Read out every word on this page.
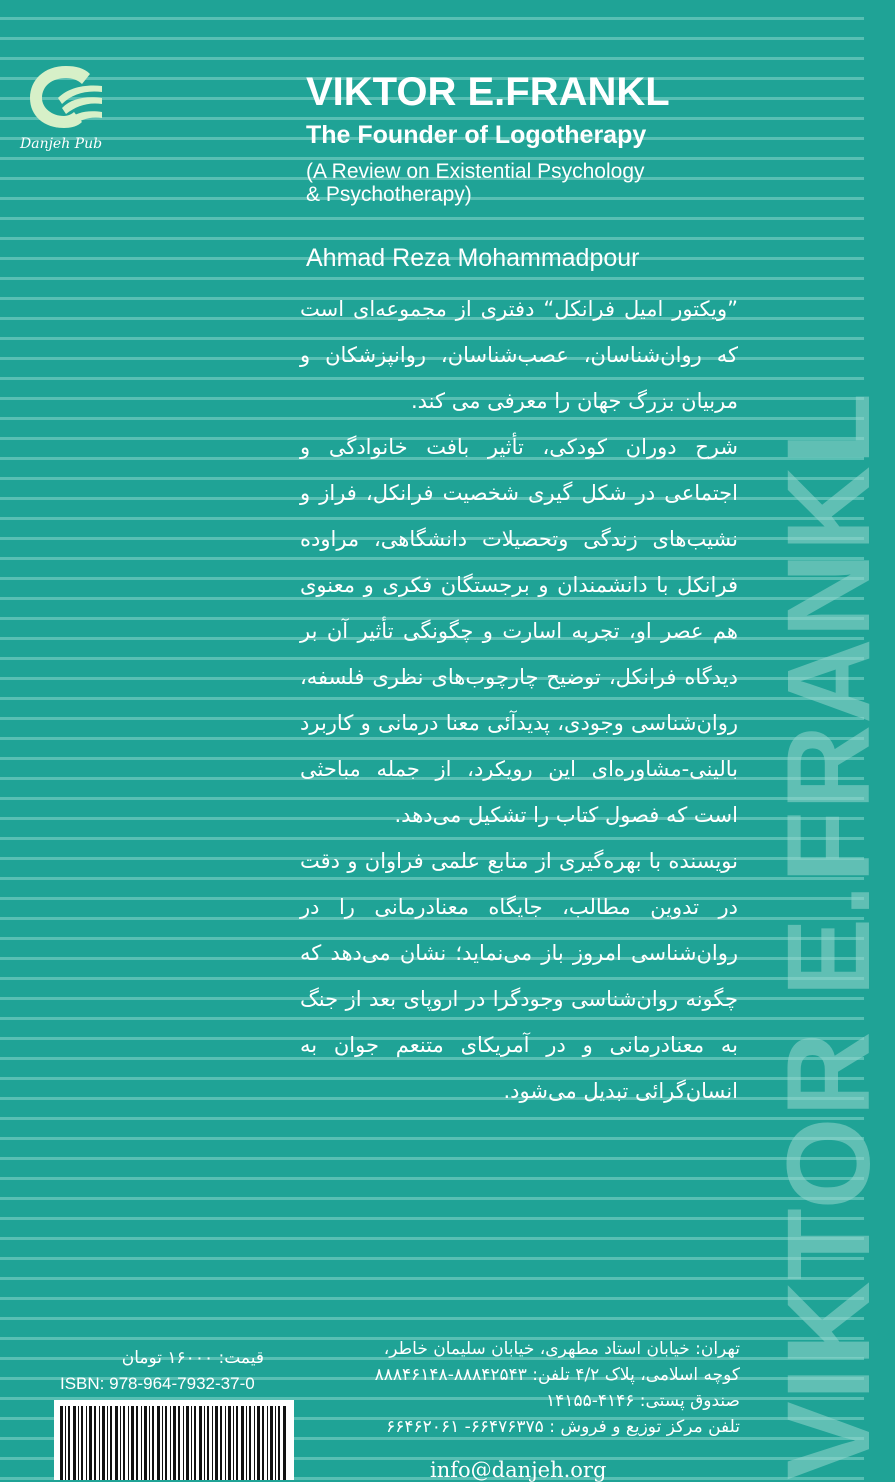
VIKTOR E.FRANKL
Danjeh Pub
VIKTOR E.FRANKL
The Founder of Logotherapy
(A Review on Existential Psychology
& Psychotherapy)
Ahmad Reza Mohammadpour

”ویکتور امیل فرانکل“ دفتری از مجموعه‌ای است که روان‌شناسان، عصب‌شناسان، روانپزشکان و مربیان بزرگ جهان را معرفی می کند.

شرح دوران کودکی، تأثیر بافت خانوادگی و اجتماعی در شکل گیری شخصیت فرانکل، فراز و نشیب‌های زندگی وتحصیلات دانشگاهی، مراوده فرانکل با دانشمندان و برجستگان فکری و معنوی هم عصر او، تجربه اسارت و چگونگی تأثیر آن بر دیدگاه فرانکل، توضیح چارچوب‌های نظری فلسفه، روان‌شناسی وجودی، پدیدآئی معنا درمانی و کاربرد بالینی-مشاوره‌ای این رویکرد، از جمله مباحثی است که فصول کتاب را تشکیل می‌دهد.

نویسنده با بهره‌گیری از منابع علمی فراوان و دقت در تدوین مطالب، جایگاه معنادرمانی را در روان‌شناسی امروز باز می‌نماید؛ نشان می‌دهد که چگونه روان‌شناسی وجودگرا در اروپای بعد از جنگ به معنادرمانی و در آمریکای متنعم جوان به انسان‌گرائی تبدیل می‌شود.

قیمت: ۱۶۰۰۰ تومان
ISBN: 978-964-7932-37-0
تهران: خیابان استاد مطهری، خیابان سلیمان خاطر،
کوچه اسلامی، پلاک ۴/۲ تلفن: ۸۸۸۴۲۵۴۳-۸۸۸۴۶۱۴۸
صندوق پستی: ۴۱۴۶-۱۴۱۵۵
تلفن مرکز توزیع و فروش : ۶۶۴۷۶۳۷۵- ۶۶۴۶۲۰۶۱
info@danjeh.org
